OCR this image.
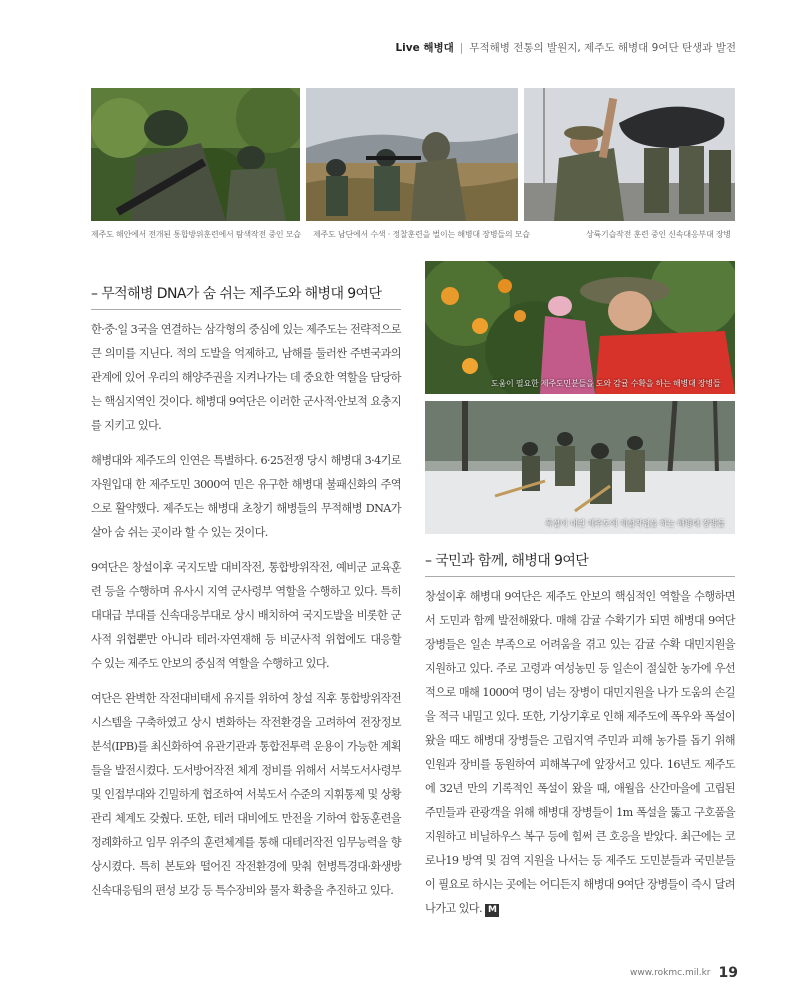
Live 해병대 | 무적해병 전통의 발원지, 제주도 해병대 9여단 탄생과 발전
제주도 해안에서 전개된 통합방위훈련에서 탐색작전 중인 모습 제주도 남단에서 수색 · 정찰훈련을 벌이는 해병대 장병들의 모습	상륙기습작전 훈련 중인 신속대응부대 장병
도움이 필요한 제주도민분들을 도와 감귤 수확을 하는 해병대 장병들
폭설이 내린 제주도에 제설작업을 하는 해병대 장병들
– 무적해병 DNA가 숨 쉬는 제주도와 해병대 9여단

한·중·일 3국을 연결하는 삼각형의 중심에 있는 제주도는 전략적으로 큰 의미를 지닌다. 적의 도발을 억제하고, 남해를 둘러싼 주변국과의 관계에 있어 우리의 해양주권을 지켜나가는 데 중요한 역할을 담당하는 핵심지역인 것이다. 해병대 9여단은 이러한 군사적·안보적 요충지를 지키고 있다.

해병대와 제주도의 인연은 특별하다. 6·25전쟁 당시 해병대 3·4기로 자원입대 한 제주도민 3000여 민은 유구한 해병대 불패신화의 주역으로 활약했다. 제주도는 해병대 초창기 해병들의 무적해병 DNA가 살아 숨 쉬는 곳이라 할 수 있는 것이다.

9여단은 창설이후 국지도발 대비작전, 통합방위작전, 예비군 교육훈련 등을 수행하며 유사시 지역 군사령부 역할을 수행하고 있다. 특히 대대급 부대를 신속대응부대로 상시 배치하여 국지도발을 비롯한 군사적 위협뿐만 아니라 테러·자연재해 등 비군사적 위협에도 대응할 수 있는 제주도 안보의 중심적 역할을 수행하고 있다.

여단은 완벽한 작전대비태세 유지를 위하여 창설 직후 통합방위작전시스템을 구축하였고 상시 변화하는 작전환경을 고려하여 전장정보분석(IPB)를 최신화하여 유관기관과 통합전투력 운용이 가능한 계획들을 발전시켰다. 도서방어작전 체계 정비를 위해서 서북도서사령부 및 인접부대와 긴밀하게 협조하여 서북도서 수준의 지휘통제 및 상황관리 체계도 갖췄다. 또한, 테러 대비에도 만전을 기하여 합동훈련을 정례화하고 임무 위주의 훈련체계를 통해 대테러작전 임무능력을 향상시켰다. 특히 본토와 떨어진 작전환경에 맞춰 헌병특경대·화생방 신속대응팀의 편성 보강 등 특수장비와 물자 확충을 추진하고 있다.

– 국민과 함께, 해병대 9여단

창설이후 해병대 9여단은 제주도 안보의 핵심적인 역할을 수행하면서 도민과 함께 발전해왔다. 매해 감귤 수확기가 되면 해병대 9여단 장병들은 일손 부족으로 어려움을 겪고 있는 감귤 수확 대민지원을 지원하고 있다. 주로 고령과 여성농민 등 일손이 절실한 농가에 우선적으로 매해 1000여 명이 넘는 장병이 대민지원을 나가 도움의 손길을 적극 내밀고 있다. 또한, 기상기후로 인해 제주도에 폭우와 폭설이 왔을 때도 해병대 장병들은 고립지역 주민과 피해 농가를 돕기 위해 인원과 장비를 동원하여 피해복구에 앞장서고 있다. 16년도 제주도에 32년 만의 기록적인 폭설이 왔을 때, 애월읍 산간마을에 고립된 주민들과 관광객을 위해 해병대 장병들이 1m 폭설을 뚫고 구호품을 지원하고 비닐하우스 복구 등에 힘써 큰 호응을 받았다. 최근에는 코로나19 방역 및 검역 지원을 나서는 등 제주도 도민분들과 국민분들이 필요로 하시는 곳에는 어디든지 해병대 9여단 장병들이 즉시 달려나가고 있다. M

www.rokmc.mil.kr 19
